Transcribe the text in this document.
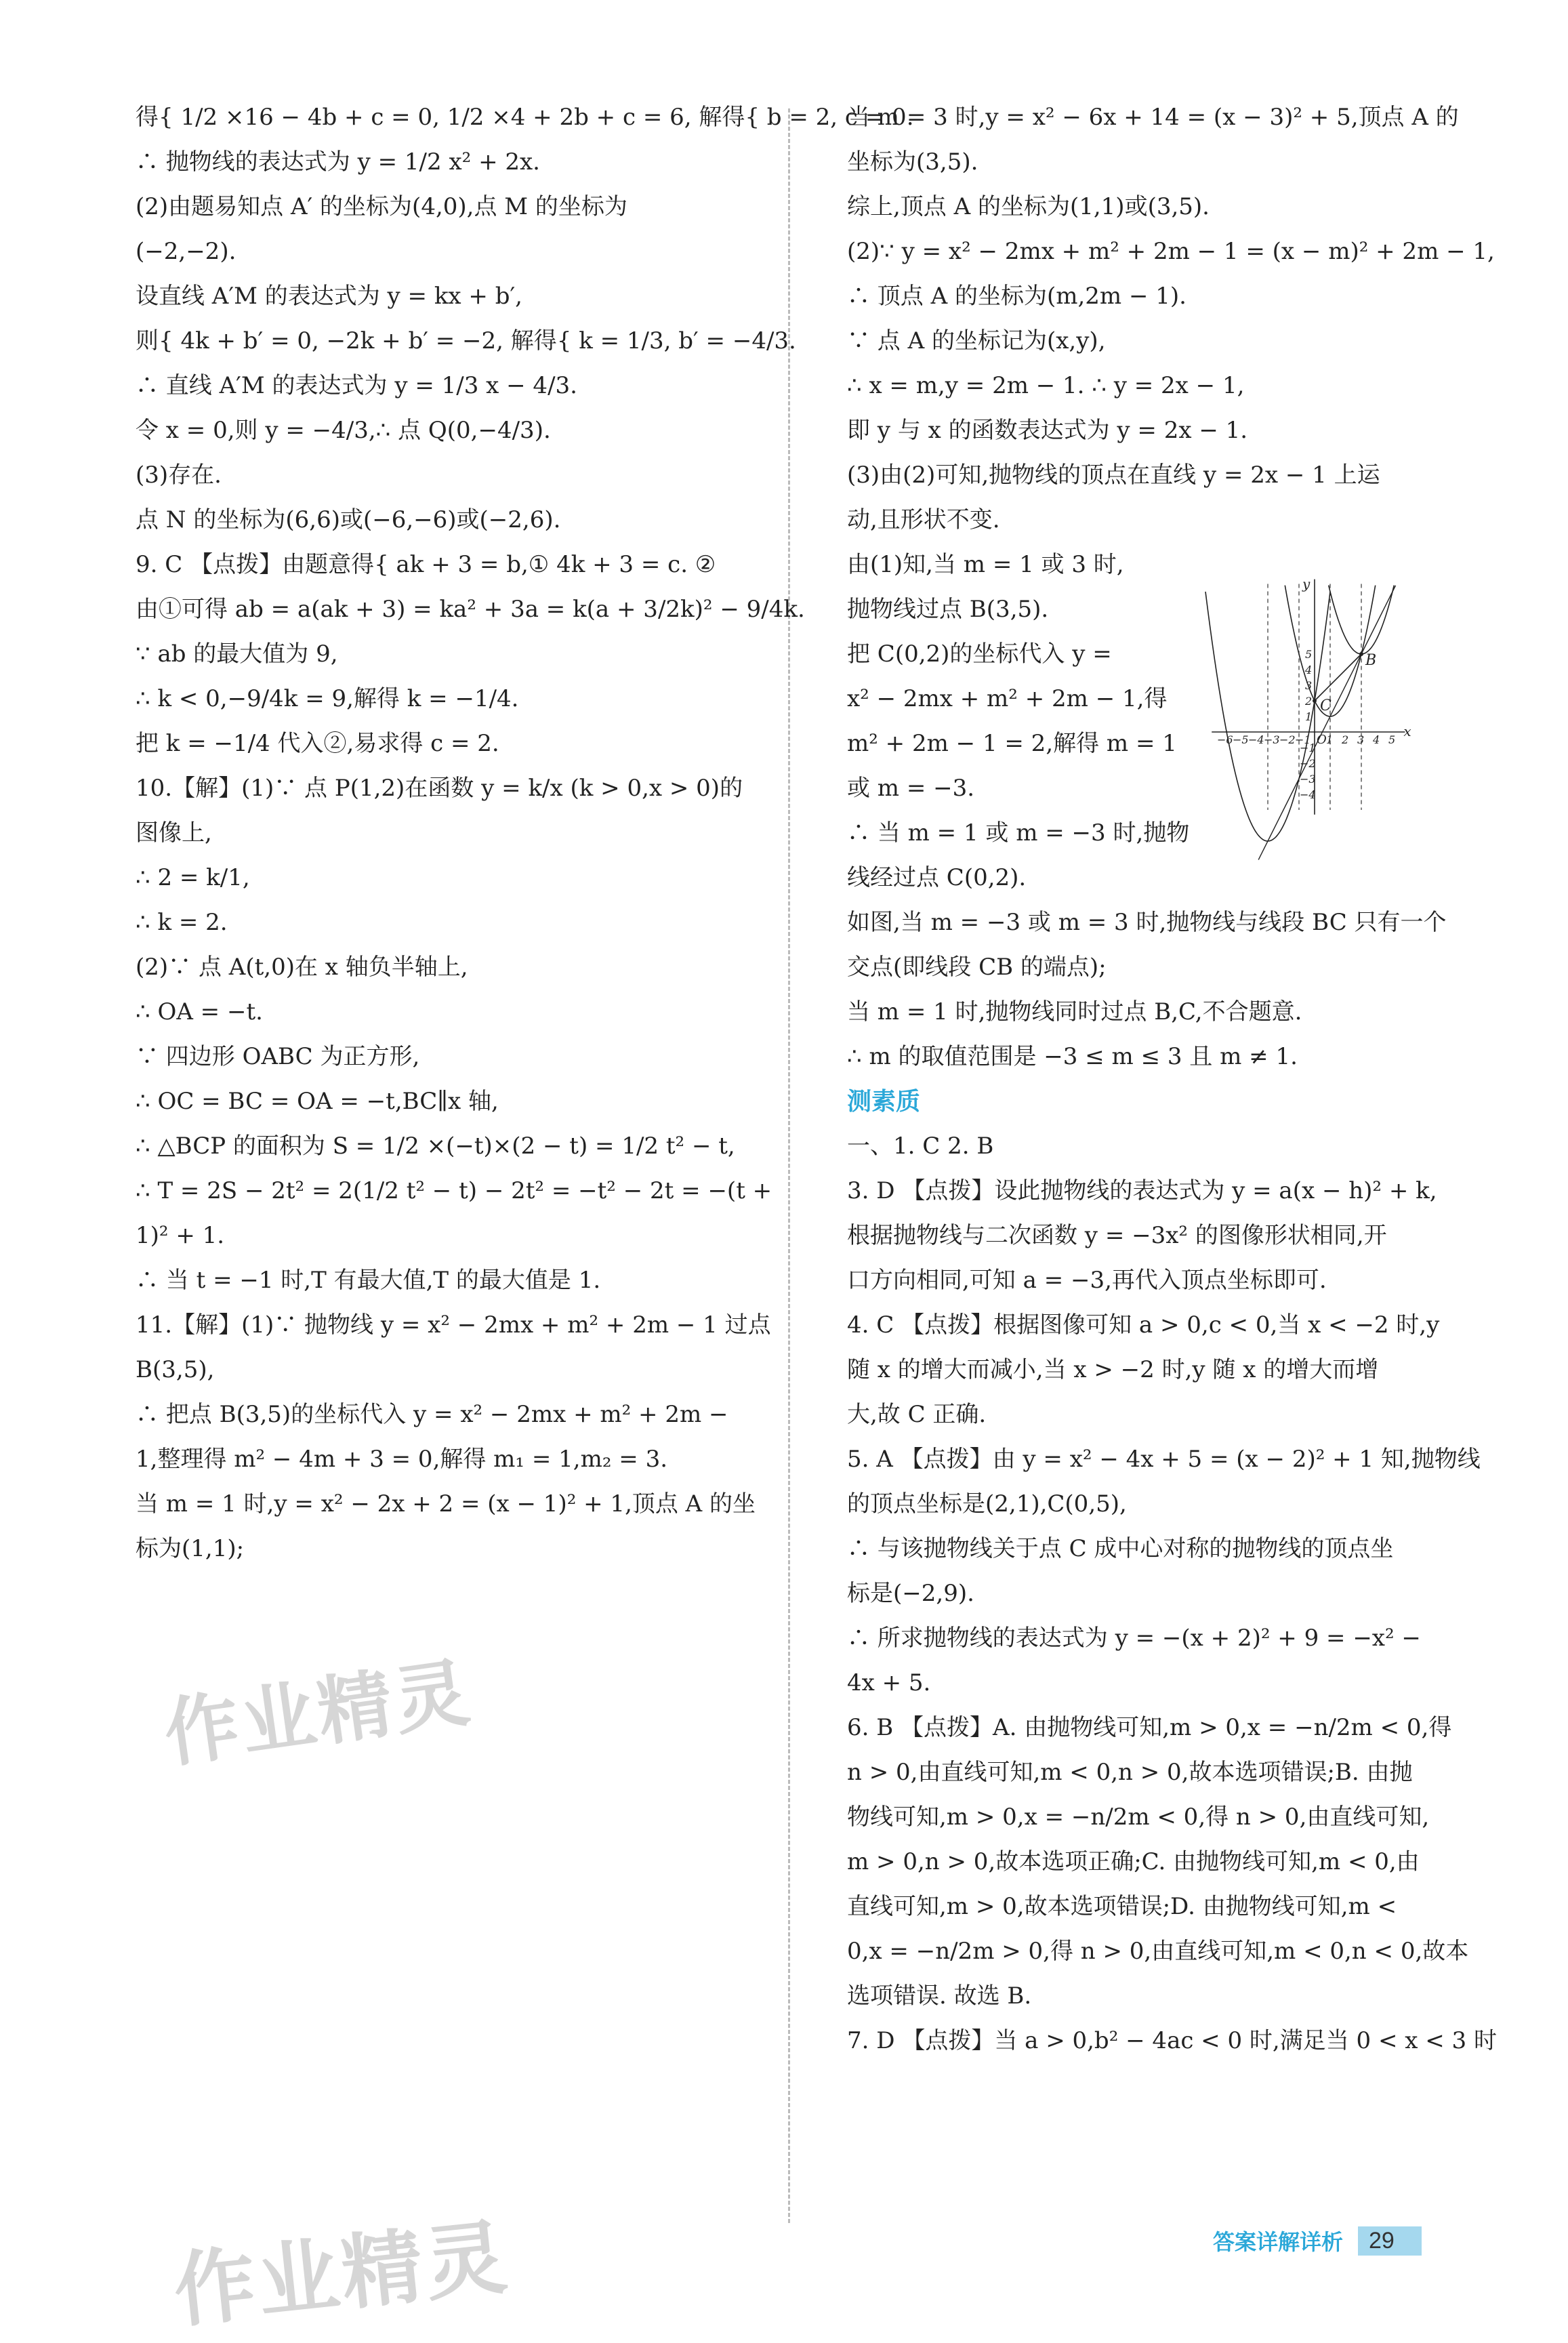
得{ 1/2 ×16 − 4b + c = 0, 1/2 ×4 + 2b + c = 6, 解得{ b = 2, c = 0.
∴ 抛物线的表达式为 y = 1/2 x² + 2x.
(2)由题易知点 A′ 的坐标为(4,0),点 M 的坐标为
(−2,−2).
设直线 A′M 的表达式为 y = kx + b′,
则{ 4k + b′ = 0, −2k + b′ = −2, 解得{ k = 1/3, b′ = −4/3.
∴ 直线 A′M 的表达式为 y = 1/3 x − 4/3.
令 x = 0,则 y = −4/3,∴ 点 Q(0,−4/3).
(3)存在.
点 N 的坐标为(6,6)或(−6,−6)或(−2,6).
9. C 【点拨】由题意得{ ak + 3 = b,① 4k + 3 = c. ②
由①可得 ab = a(ak + 3) = ka² + 3a = k(a + 3/2k)² − 9/4k.
∵ ab 的最大值为 9,
∴ k < 0,−9/4k = 9,解得 k = −1/4.
把 k = −1/4 代入②,易求得 c = 2.
10.【解】(1)∵ 点 P(1,2)在函数 y = k/x (k > 0,x > 0)的
图像上,
∴ 2 = k/1,
∴ k = 2.
(2)∵ 点 A(t,0)在 x 轴负半轴上,
∴ OA = −t.
∵ 四边形 OABC 为正方形,
∴ OC = BC = OA = −t,BC∥x 轴,
∴ △BCP 的面积为 S = 1/2 ×(−t)×(2 − t) = 1/2 t² − t,
∴ T = 2S − 2t² = 2(1/2 t² − t) − 2t² = −t² − 2t = −(t +
1)² + 1.
∴ 当 t = −1 时,T 有最大值,T 的最大值是 1.
11.【解】(1)∵ 抛物线 y = x² − 2mx + m² + 2m − 1 过点
B(3,5),
∴ 把点 B(3,5)的坐标代入 y = x² − 2mx + m² + 2m −
1,整理得 m² − 4m + 3 = 0,解得 m₁ = 1,m₂ = 3.
当 m = 1 时,y = x² − 2x + 2 = (x − 1)² + 1,顶点 A 的坐
标为(1,1);
当 m = 3 时,y = x² − 6x + 14 = (x − 3)² + 5,顶点 A 的
坐标为(3,5).
综上,顶点 A 的坐标为(1,1)或(3,5).
(2)∵ y = x² − 2mx + m² + 2m − 1 = (x − m)² + 2m − 1,
∴ 顶点 A 的坐标为(m,2m − 1).
∵ 点 A 的坐标记为(x,y),
∴ x = m,y = 2m − 1. ∴ y = 2x − 1,
即 y 与 x 的函数表达式为 y = 2x − 1.
(3)由(2)可知,抛物线的顶点在直线 y = 2x − 1 上运
动,且形状不变.
由(1)知,当 m = 1 或 3 时,
抛物线过点 B(3,5).
把 C(0,2)的坐标代入 y =
x² − 2mx + m² + 2m − 1,得
m² + 2m − 1 = 2,解得 m = 1
或 m = −3.
∴ 当 m = 1 或 m = −3 时,抛物
线经过点 C(0,2).
如图,当 m = −3 或 m = 3 时,抛物线与线段 BC 只有一个
交点(即线段 CB 的端点);
当 m = 1 时,抛物线同时过点 B,C,不合题意.
∴ m 的取值范围是 −3 ≤ m ≤ 3 且 m ≠ 1.
测素质
一、1. C 2. B
3. D 【点拨】设此抛物线的表达式为 y = a(x − h)² + k,
根据抛物线与二次函数 y = −3x² 的图像形状相同,开
口方向相同,可知 a = −3,再代入顶点坐标即可.
4. C 【点拨】根据图像可知 a > 0,c < 0,当 x < −2 时,y
随 x 的增大而减小,当 x > −2 时,y 随 x 的增大而增
大,故 C 正确.
5. A 【点拨】由 y = x² − 4x + 5 = (x − 2)² + 1 知,抛物线
的顶点坐标是(2,1),C(0,5),
∴ 与该抛物线关于点 C 成中心对称的抛物线的顶点坐
标是(−2,9).
∴ 所求抛物线的表达式为 y = −(x + 2)² + 9 = −x² −
4x + 5.
6. B 【点拨】A. 由抛物线可知,m > 0,x = −n/2m < 0,得
n > 0,由直线可知,m < 0,n > 0,故本选项错误;B. 由抛
物线可知,m > 0,x = −n/2m < 0,得 n > 0,由直线可知,
m > 0,n > 0,故本选项正确;C. 由抛物线可知,m < 0,由
直线可知,m > 0,故本选项错误;D. 由抛物线可知,m <
0,x = −n/2m > 0,得 n > 0,由直线可知,m < 0,n < 0,故本
选项错误. 故选 B.
7. D 【点拨】当 a > 0,b² − 4ac < 0 时,满足当 0 < x < 3 时
B
C
x
y
O
−6 −5 −4 −3 −2 −1 1 2 3 4 5
5
4
3
2
1
−1
−2
−3
−4
作业精灵
作业精灵	答案详解详析	29
